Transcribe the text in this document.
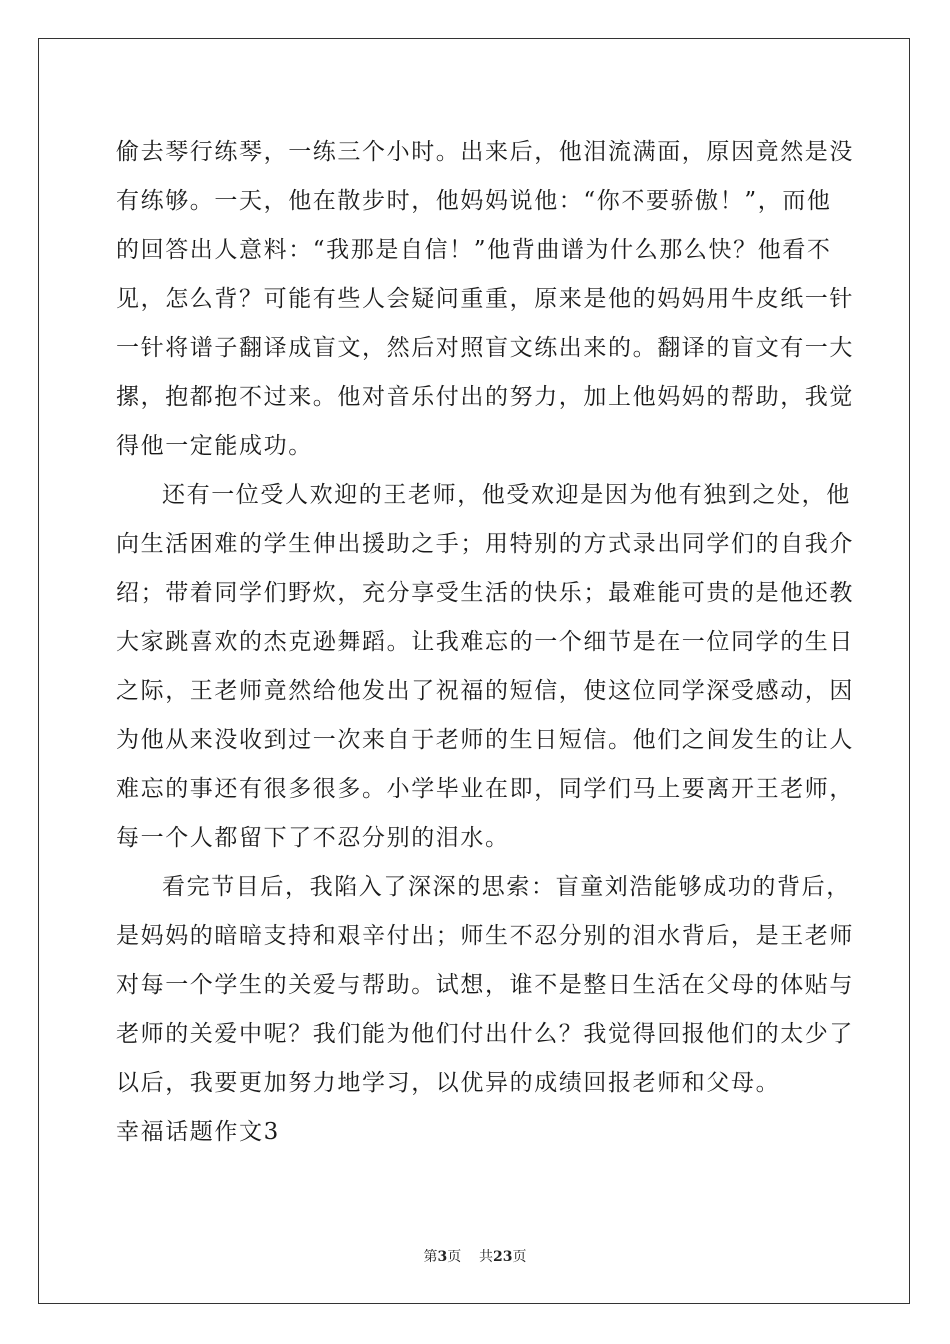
偷去琴行练琴，一练三个小时。出来后，他泪流满面，原因竟然是没
有练够。一天，他在散步时，他妈妈说他：“你不要骄傲！”，而他
的回答出人意料：“我那是自信！”他背曲谱为什么那么快？他看不
见，怎么背？可能有些人会疑问重重，原来是他的妈妈用牛皮纸一针
一针将谱子翻译成盲文，然后对照盲文练出来的。翻译的盲文有一大
摞，抱都抱不过来。他对音乐付出的努力，加上他妈妈的帮助，我觉
得他一定能成功。

还有一位受人欢迎的王老师，他受欢迎是因为他有独到之处，他
向生活困难的学生伸出援助之手；用特别的方式录出同学们的自我介
绍；带着同学们野炊，充分享受生活的快乐；最难能可贵的是他还教
大家跳喜欢的杰克逊舞蹈。让我难忘的一个细节是在一位同学的生日
之际，王老师竟然给他发出了祝福的短信，使这位同学深受感动，因
为他从来没收到过一次来自于老师的生日短信。他们之间发生的让人
难忘的事还有很多很多。小学毕业在即，同学们马上要离开王老师，
每一个人都留下了不忍分别的泪水。

看完节目后，我陷入了深深的思索：盲童刘浩能够成功的背后，
是妈妈的暗暗支持和艰辛付出；师生不忍分别的泪水背后，是王老师
对每一个学生的关爱与帮助。试想，谁不是整日生活在父母的体贴与
老师的关爱中呢？我们能为他们付出什么？我觉得回报他们的太少了
以后，我要更加努力地学习，以优异的成绩回报老师和父母。

幸福话题作文3

第3页 共23页
